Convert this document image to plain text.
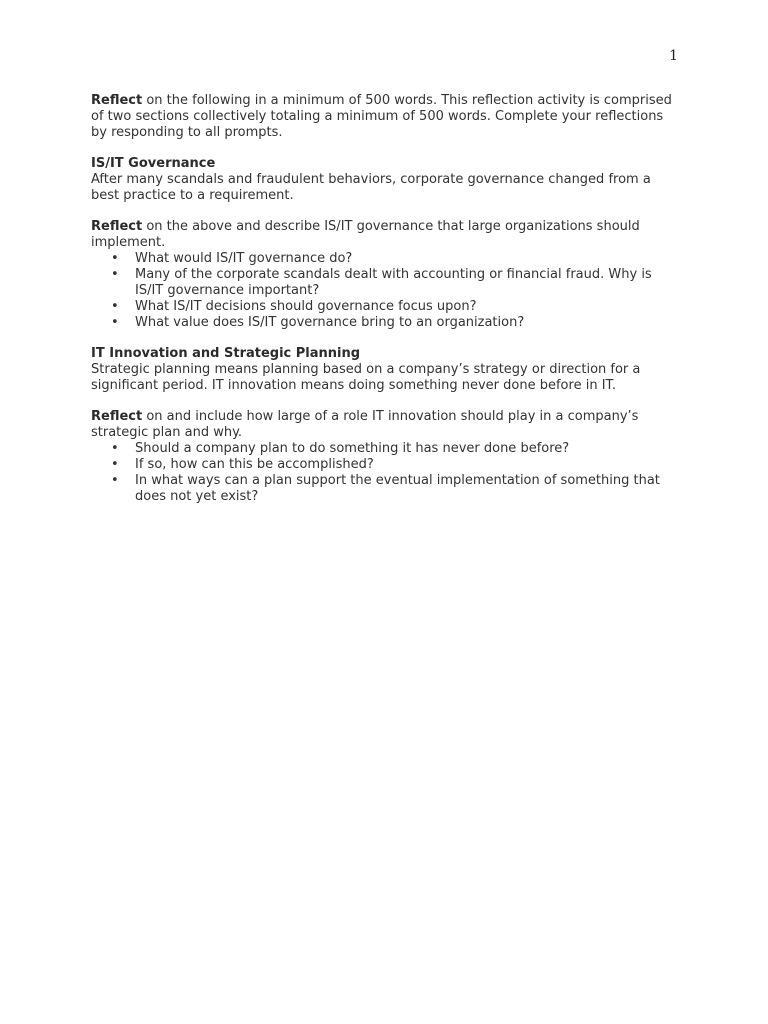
1

Reflect on the following in a minimum of 500 words. This reflection activity is comprised of two sections collectively totaling a minimum of 500 words. Complete your reflections by responding to all prompts.

IS/IT Governance

After many scandals and fraudulent behaviors, corporate governance changed from a best practice to a requirement.

Reflect on the above and describe IS/IT governance that large organizations should implement.

• What would IS/IT governance do?
• Many of the corporate scandals dealt with accounting or financial fraud. Why is IS/IT governance important?
• What IS/IT decisions should governance focus upon?
• What value does IS/IT governance bring to an organization?

IT Innovation and Strategic Planning

Strategic planning means planning based on a company’s strategy or direction for a significant period. IT innovation means doing something never done before in IT.

Reflect on and include how large of a role IT innovation should play in a company’s strategic plan and why.

• Should a company plan to do something it has never done before?
• If so, how can this be accomplished?
• In what ways can a plan support the eventual implementation of something that does not yet exist?
